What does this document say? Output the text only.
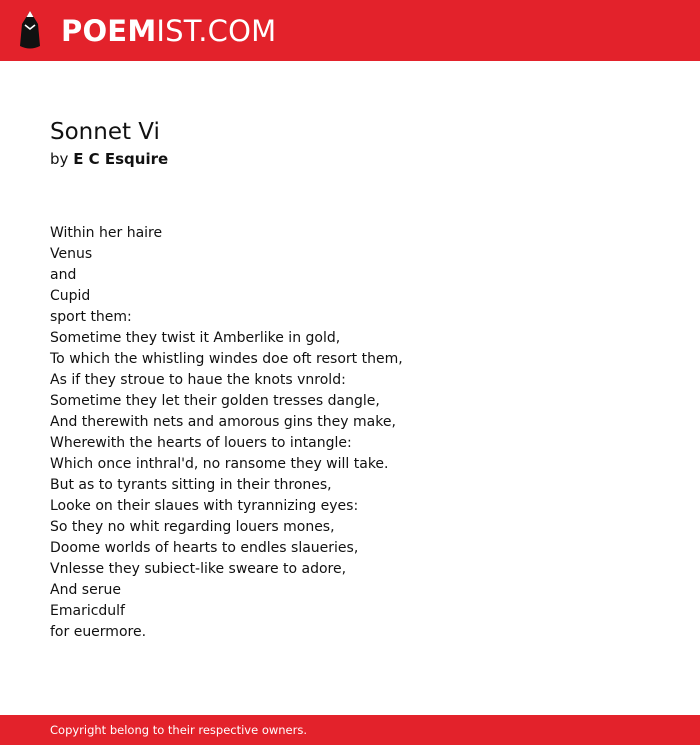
POEMIST.COM
Sonnet Vi
by E C Esquire
Within her haire
Venus
and
Cupid
sport them:
Sometime they twist it Amberlike in gold,
To which the whistling windes doe oft resort them,
As if they stroue to haue the knots vnrold:
Sometime they let their golden tresses dangle,
And therewith nets and amorous gins they make,
Wherewith the hearts of louers to intangle:
Which once inthral'd, no ransome they will take.
But as to tyrants sitting in their thrones,
Looke on their slaues with tyrannizing eyes:
So they no whit regarding louers mones,
Doome worlds of hearts to endles slaueries,
Vnlesse they subiect-like sweare to adore,
And serue
Emaricdulf
for euermore.
Copyright belong to their respective owners.
